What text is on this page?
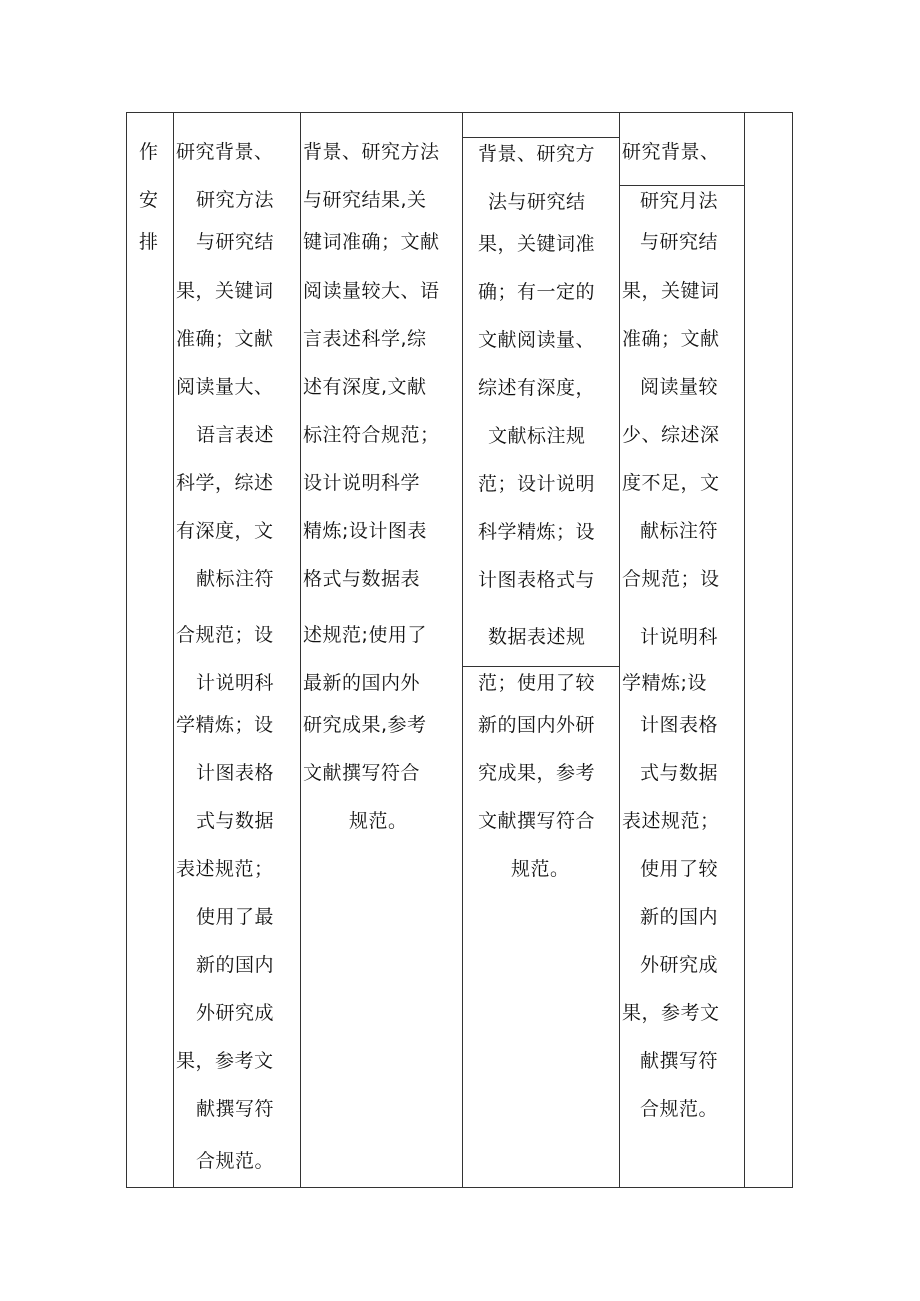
作
安
排
研究背景、
研究方法
与研究结
果，关键词
准确；文献
阅读量大、
语言表述
科学，综述
有深度，文
献标注符
合规范；设
计说明科
学精炼；设
计图表格
式与数据
表述规范；
使用了最
新的国内
外研究成
果，参考文
献撰写符
合规范。
背景、研究方法
与研究结果,关
键词准确；文献
阅读量较大、语
言表述科学,综
述有深度,文献
标注符合规范；
设计说明科学
精炼;设计图表
格式与数据表
述规范;使用了
最新的国内外
研究成果,参考
文献撰写符合
规范。
背景、研究方
法与研究结
果，关键词准
确；有一定的
文献阅读量、
综述有深度，
文献标注规
范；设计说明
科学精炼；设
计图表格式与
数据表述规
范；使用了较
新的国内外研
究成果，参考
文献撰写符合
规范。
研究背景、
研究月法
与研究结
果，关键词
准确；文献
阅读量较
少、综述深
度不足，文
献标注符
合规范；设
计说明科
学精炼;设
计图表格
式与数据
表述规范；
使用了较
新的国内
外研究成
果，参考文
献撰写符
合规范。
